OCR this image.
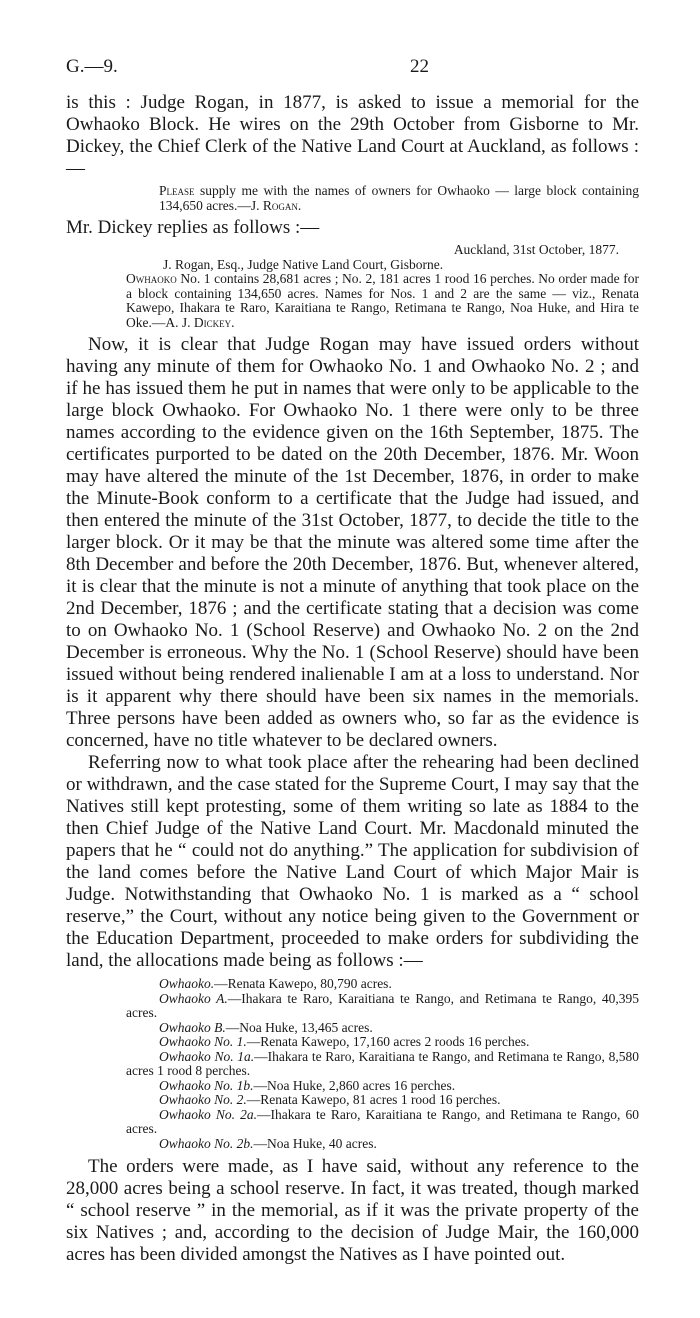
G.—9.	22

is this : Judge Rogan, in 1877, is asked to issue a memorial for the Owhaoko Block. He wires on the 29th October from Gisborne to Mr. Dickey, the Chief Clerk of the Native Land Court at Auckland, as follows :—

Please supply me with the names of owners for Owhaoko — large block containing 134,650 acres.—J. Rogan.

Mr. Dickey replies as follows :—

Auckland, 31st October, 1877.

J. Rogan, Esq., Judge Native Land Court, Gisborne.

Owhaoko No. 1 contains 28,681 acres ; No. 2, 181 acres 1 rood 16 perches. No order made for a block containing 134,650 acres. Names for Nos. 1 and 2 are the same — viz., Renata Kawepo, Ihakara te Raro, Karaitiana te Rango, Retimana te Rango, Noa Huke, and Hira te Oke.—A. J. Dickey.

Now, it is clear that Judge Rogan may have issued orders without having any minute of them for Owhaoko No. 1 and Owhaoko No. 2 ; and if he has issued them he put in names that were only to be applicable to the large block Owhaoko. For Owhaoko No. 1 there were only to be three names according to the evidence given on the 16th September, 1875. The certificates purported to be dated on the 20th December, 1876. Mr. Woon may have altered the minute of the 1st December, 1876, in order to make the Minute-Book conform to a certificate that the Judge had issued, and then entered the minute of the 31st October, 1877, to decide the title to the larger block. Or it may be that the minute was altered some time after the 8th December and before the 20th December, 1876. But, whenever altered, it is clear that the minute is not a minute of anything that took place on the 2nd December, 1876 ; and the certificate stating that a decision was come to on Owhaoko No. 1 (School Reserve) and Owhaoko No. 2 on the 2nd December is erroneous. Why the No. 1 (School Reserve) should have been issued without being rendered inalienable I am at a loss to understand. Nor is it apparent why there should have been six names in the memorials. Three persons have been added as owners who, so far as the evidence is concerned, have no title whatever to be declared owners.

Referring now to what took place after the rehearing had been declined or withdrawn, and the case stated for the Supreme Court, I may say that the Natives still kept protesting, some of them writing so late as 1884 to the then Chief Judge of the Native Land Court. Mr. Macdonald minuted the papers that he “ could not do anything.” The application for subdivision of the land comes before the Native Land Court of which Major Mair is Judge. Notwithstanding that Owhaoko No. 1 is marked as a “ school reserve,” the Court, without any notice being given to the Government or the Education Department, proceeded to make orders for subdividing the land, the allocations made being as follows :—

Owhaoko.—Renata Kawepo, 80,790 acres.

Owhaoko A.—Ihakara te Raro, Karaitiana te Rango, and Retimana te Rango, 40,395 acres.

Owhaoko B.—Noa Huke, 13,465 acres.

Owhaoko No. 1.—Renata Kawepo, 17,160 acres 2 roods 16 perches.

Owhaoko No. 1a.—Ihakara te Raro, Karaitiana te Rango, and Retimana te Rango, 8,580 acres 1 rood 8 perches.

Owhaoko No. 1b.—Noa Huke, 2,860 acres 16 perches.

Owhaoko No. 2.—Renata Kawepo, 81 acres 1 rood 16 perches.

Owhaoko No. 2a.—Ihakara te Raro, Karaitiana te Rango, and Retimana te Rango, 60 acres.

Owhaoko No. 2b.—Noa Huke, 40 acres.

The orders were made, as I have said, without any reference to the 28,000 acres being a school reserve. In fact, it was treated, though marked “ school reserve ” in the memorial, as if it was the private property of the six Natives ; and, according to the decision of Judge Mair, the 160,000 acres has been divided amongst the Natives as I have pointed out.
